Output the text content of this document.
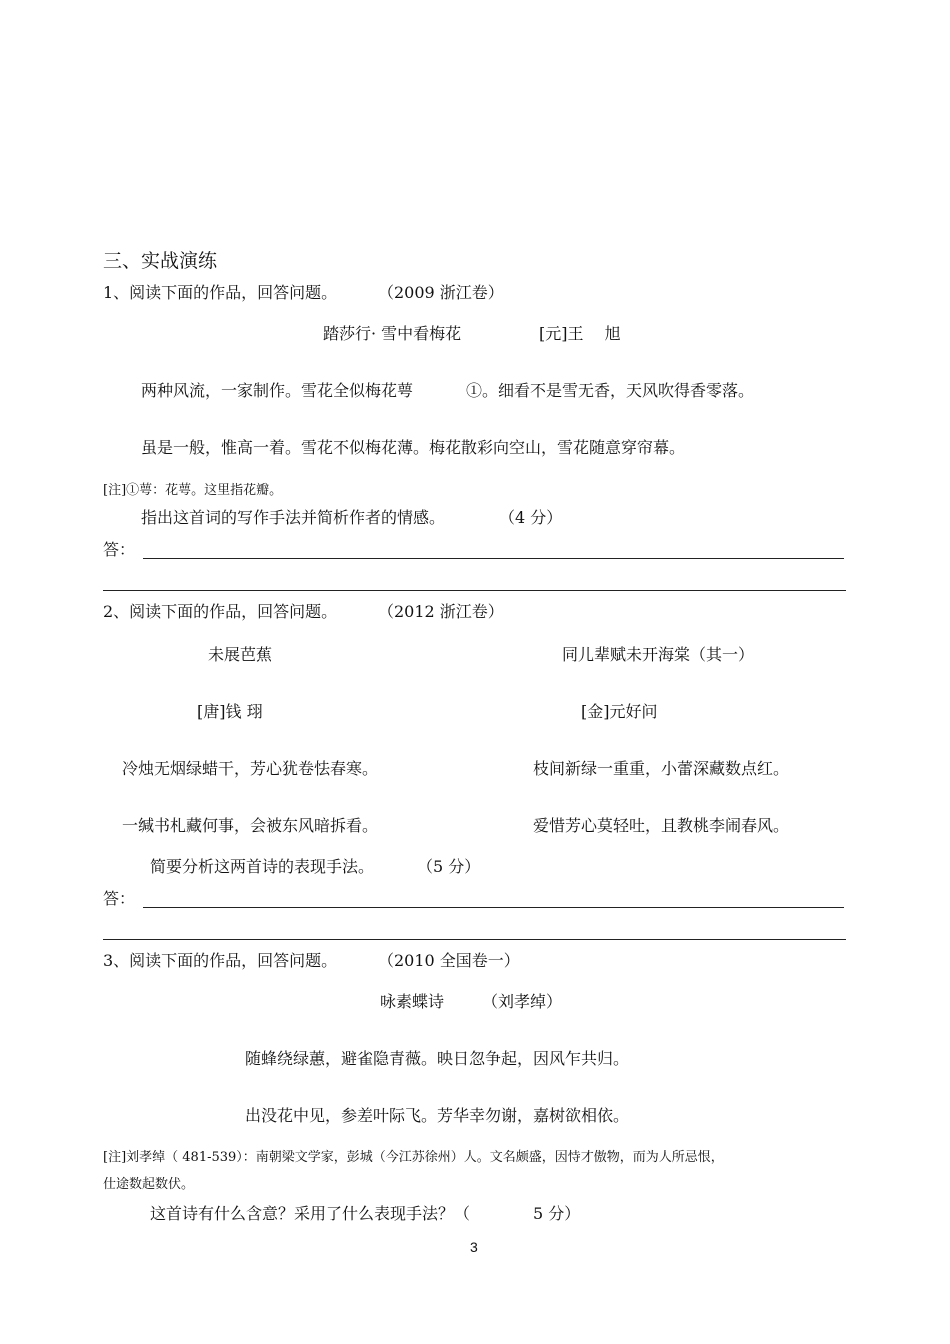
三、实战演练
1、阅读下面的作品，回答问题。	（2009 浙江卷）
踏莎行· 雪中看梅花	[元]王　 旭
两种风流，一家制作。雪花全似梅花萼	①。细看不是雪无香，天风吹得香零落。
虽是一般，惟高一着。雪花不似梅花薄。梅花散彩向空山，雪花随意穿帘幕。
[注]①萼：花萼。这里指花瓣。
指出这首词的写作手法并简析作者的情感。	（4 分）
答：
2、阅读下面的作品，回答问题。	（2012 浙江卷）
未展芭蕉	同儿辈赋未开海棠（其一）
[唐]钱 珝	[金]元好问
冷烛无烟绿蜡干，芳心犹卷怯春寒。	枝间新绿一重重，小蕾深藏数点红。
一缄书札藏何事，会被东风暗拆看。	爱惜芳心莫轻吐，且教桃李闹春风。
简要分析这两首诗的表现手法。	（5 分）
答：
3、阅读下面的作品，回答问题。	（2010 全国卷一）
咏素蝶诗 （刘孝绰）
随蜂绕绿蕙，避雀隐青薇。映日忽争起，因风乍共归。
出没花中见，参差叶际飞。芳华幸勿谢，嘉树欲相依。
[注]刘孝绰（ 481-539）：南朝梁文学家，彭城（今江苏徐州）人。文名颇盛，因恃才傲物，而为人所忌恨，
仕途数起数伏。
这首诗有什么含意？采用了什么表现手法？（	5 分）
3
